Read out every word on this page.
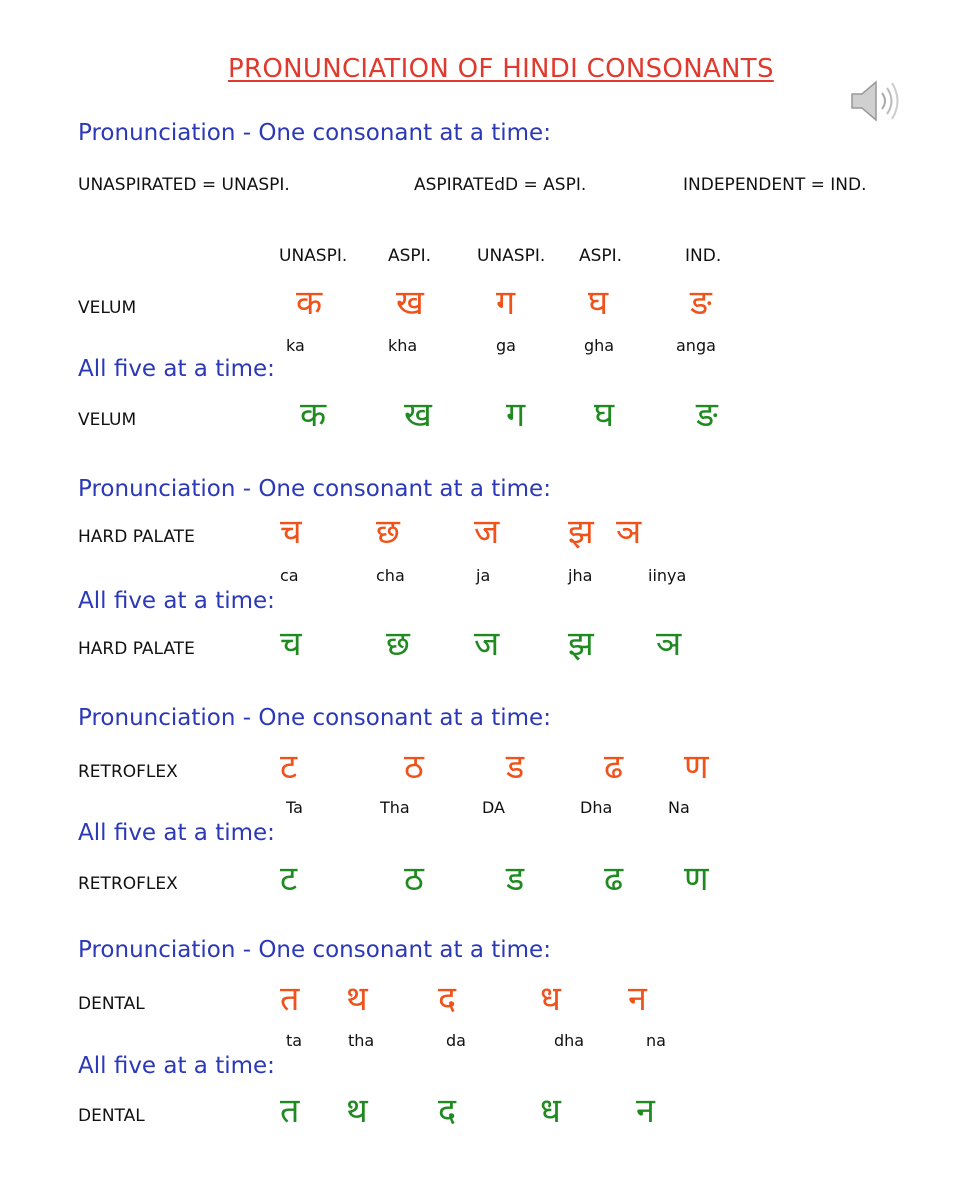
PRONUNCIATION OF HINDI CONSONANTS
Pronunciation - One consonant at a time:
UNASPIRATED = UNASPI.	ASPIRATEdD = ASPI.	INDEPENDENT = IND.
UNASPI. ASPI.	UNASPI. ASPI.	IND.
VELUM	क ख ग घ ङ
ka	kha	ga	gha	anga
All five at a time:
VELUM	क ख ग घ ङ
Pronunciation - One consonant at a time:
HARD PALATE	च छ ज झ ञ
ca	cha	ja	jha	iinya
All five at a time:
HARD PALATE	च छ ज झ ञ
Pronunciation - One consonant at a time:
RETROFLEX	ट	ठ ड ढ ण
Ta	Tha	DA	Dha	Na
All five at a time:
RETROFLEX	ट	ठ ड ढ ण
Pronunciation - One consonant at a time:
DENTAL	त थ द ध न
ta	tha	da	dha	na
All five at a time:
DENTAL	त थ द ध न
